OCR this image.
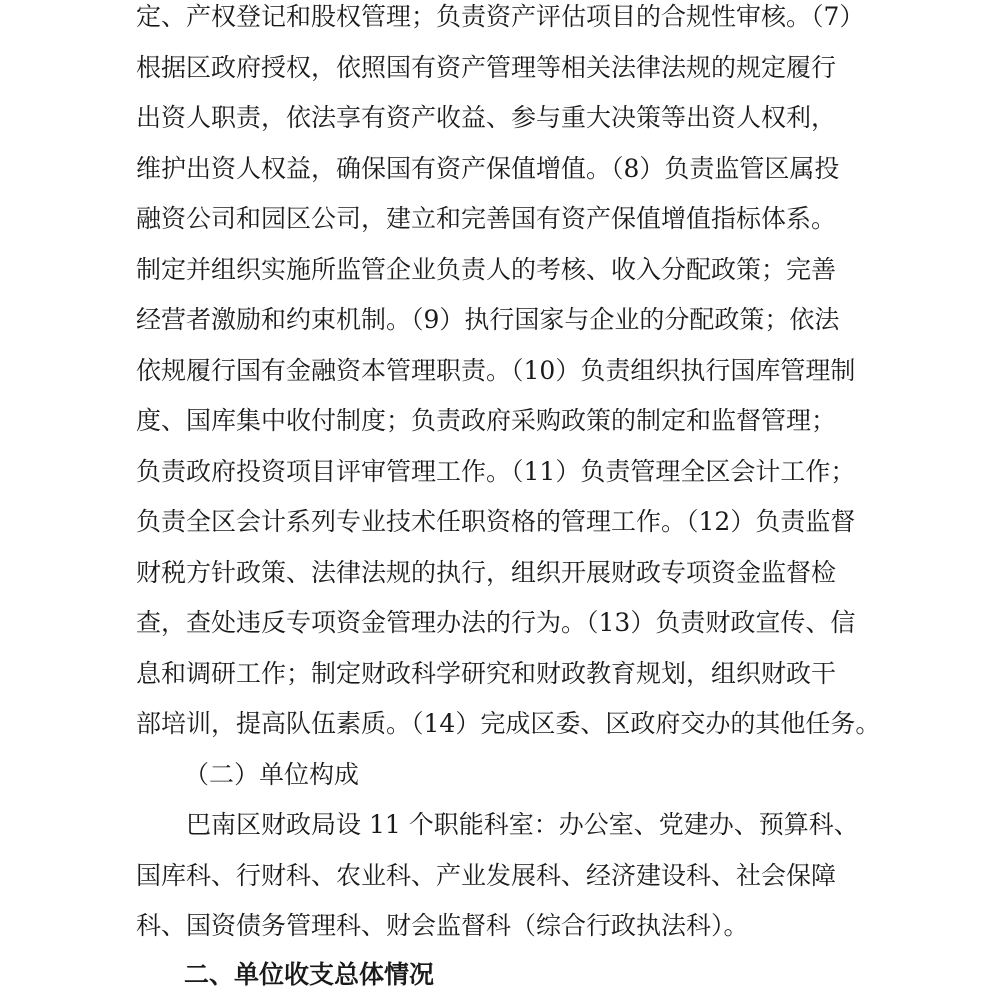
定、产权登记和股权管理；负责资产评估项目的合规性审核。（7）
根据区政府授权，依照国有资产管理等相关法律法规的规定履行
出资人职责，依法享有资产收益、参与重大决策等出资人权利，
维护出资人权益，确保国有资产保值增值。（8）负责监管区属投
融资公司和园区公司，建立和完善国有资产保值增值指标体系。
制定并组织实施所监管企业负责人的考核、收入分配政策；完善
经营者激励和约束机制。（9）执行国家与企业的分配政策；依法
依规履行国有金融资本管理职责。（10）负责组织执行国库管理制
度、国库集中收付制度；负责政府采购政策的制定和监督管理；
负责政府投资项目评审管理工作。（11）负责管理全区会计工作；
负责全区会计系列专业技术任职资格的管理工作。（12）负责监督
财税方针政策、法律法规的执行，组织开展财政专项资金监督检
查，查处违反专项资金管理办法的行为。（13）负责财政宣传、信
息和调研工作；制定财政科学研究和财政教育规划，组织财政干
部培训，提高队伍素质。（14）完成区委、区政府交办的其他任务。
（二）单位构成
巴南区财政局设 11 个职能科室：办公室、党建办、预算科、
国库科、行财科、农业科、产业发展科、经济建设科、社会保障
科、国资债务管理科、财会监督科（综合行政执法科）。
二、单位收支总体情况
